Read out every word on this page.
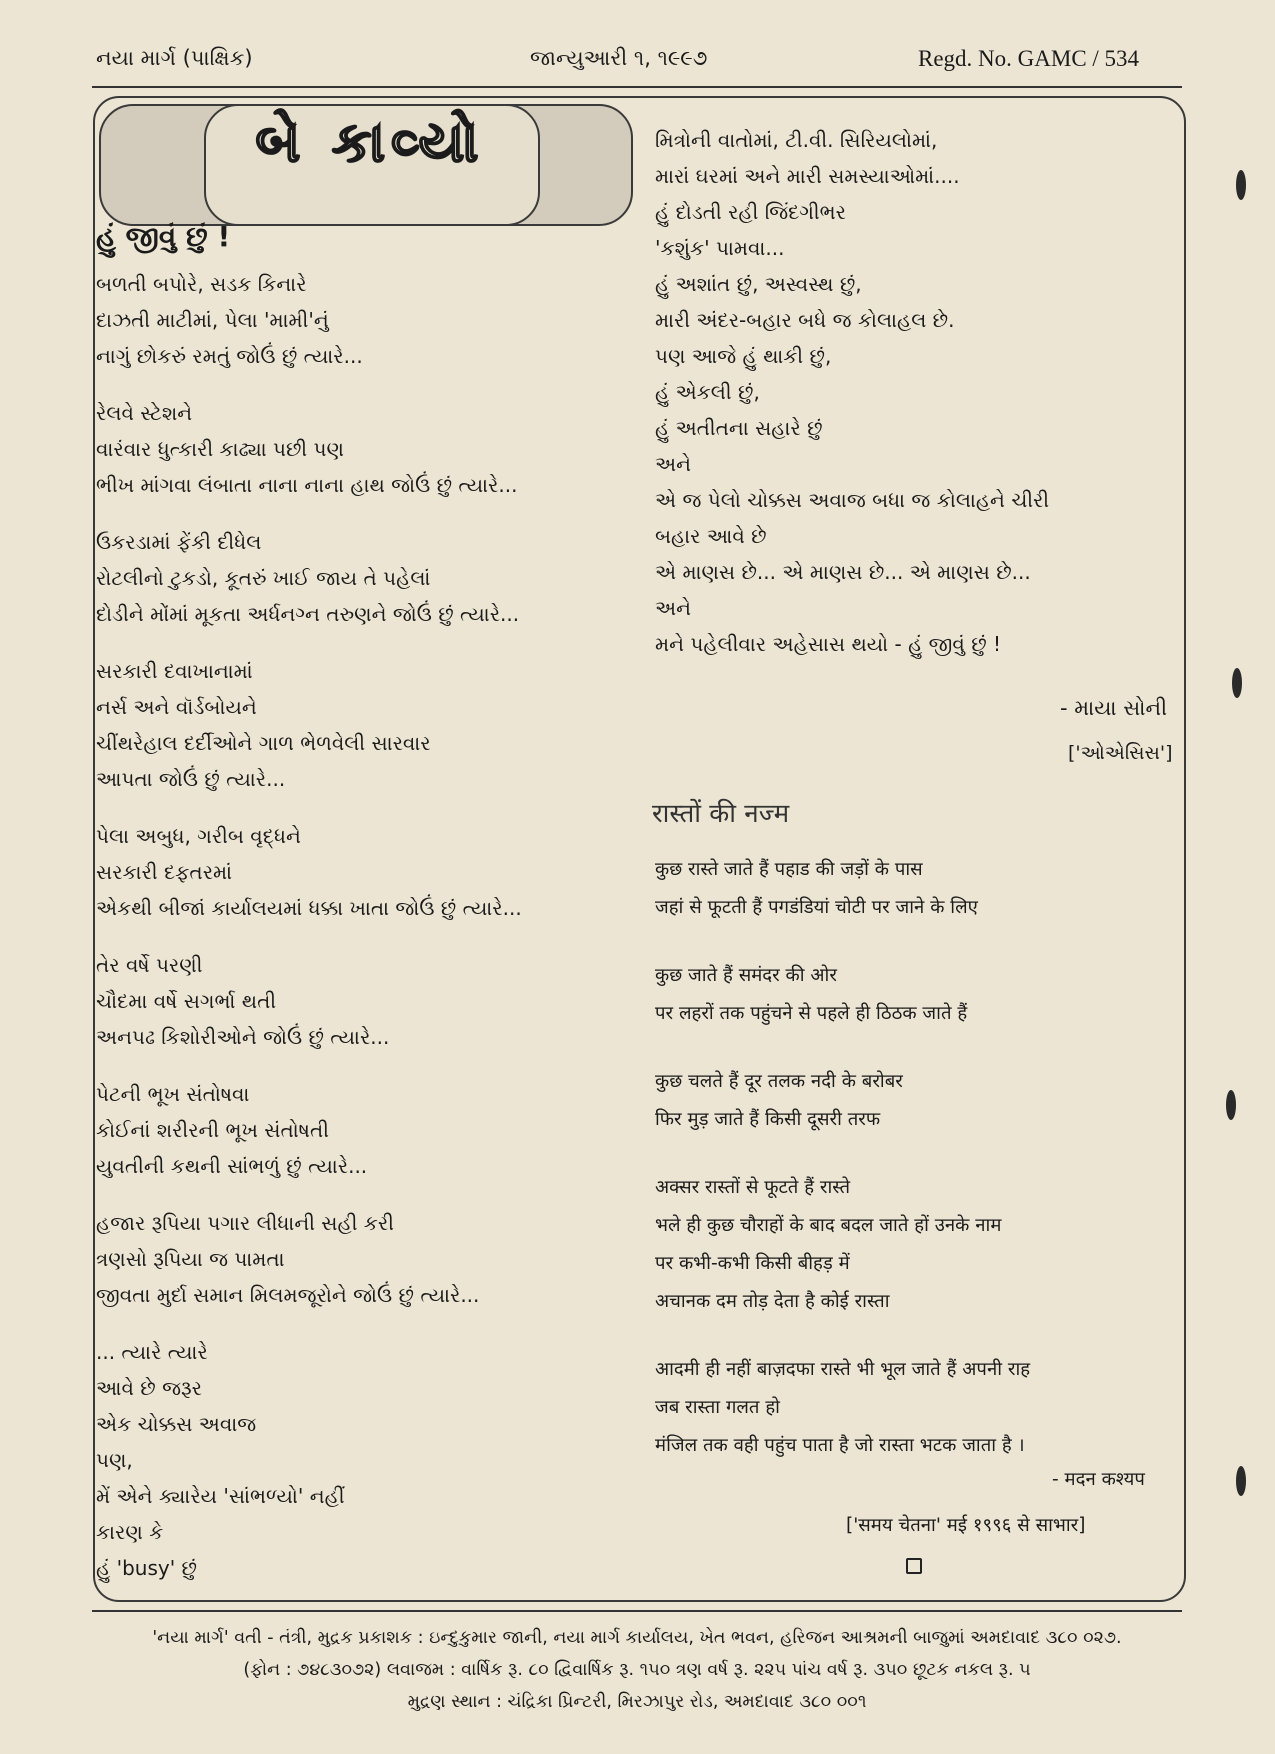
નયા માર્ગ (પાક્ષિક)	જાન્યુઆરી ૧, ૧૯૯૭	Regd. No. GAMC / 534
બે કાવ્યો
હું જીવું છું !
બળતી બપોરે, સડક કિનારે
દાઝતી માટીમાં, પેલા 'મામી'નું
નાગું છોકરું રમતું જોઉં છું ત્યારે...
રેલવે સ્ટેશને
વારંવાર ધુત્કારી કાઢ્યા પછી પણ
ભીખ માંગવા લંબાતા નાના નાના હાથ જોઉં છું ત્યારે...
ઉકરડામાં ફેંકી દીધેલ
રોટલીનો ટુકડો, કૂતરું ખાઈ જાય તે પહેલાં
દોડીને મોંમાં મૂકતા અર્ધનગ્ન તરુણને જોઉં છું ત્યારે...
સરકારી દવાખાનામાં
નર્સ અને વૉર્ડબોયને
ચીંથરેહાલ દર્દીઓને ગાળ ભેળવેલી સારવાર
આપતા જોઉં છું ત્યારે...
પેલા અબુધ, ગરીબ વૃદ્ધને
સરકારી દફતરમાં
એકથી બીજાં કાર્યાલયમાં ધક્કા ખાતા જોઉં છું ત્યારે...
તેર વર્ષે પરણી
ચૌદમા વર્ષે સગર્ભા થતી
અનપઢ કિશોરીઓને જોઉં છું ત્યારે...
પેટની ભૂખ સંતોષવા
કોઈનાં શરીરની ભૂખ સંતોષતી
યુવતીની કથની સાંભળું છું ત્યારે...
હજાર રૂપિયા પગાર લીધાની સહી કરી
ત્રણસો રૂપિયા જ પામતા
જીવતા મુર્દા સમાન મિલમજૂરોને જોઉં છું ત્યારે...
... ત્યારે ત્યારે
આવે છે જરૂર
એક ચોક્કસ અવાજ
પણ,
મેં એને ક્યારેય 'સાંભળ્યો' નહીં
કારણ કે
હું 'busy' છું
મિત્રોની વાતોમાં, ટી.વી. સિરિયલોમાં,
મારાં ઘરમાં અને મારી સમસ્યાઓમાં....
હું દોડતી રહી જિંદગીભર
'કશુંક' પામવા...
હું અશાંત છું, અસ્વસ્થ છું,
મારી અંદર-બહાર બધે જ કોલાહલ છે.
પણ આજે હું થાકી છું,
હું એકલી છું,
હું અતીતના સહારે છું
અને
એ જ પેલો ચોક્કસ અવાજ બધા જ કોલાહને ચીરી
બહાર આવે છે
એ માણસ છે... એ માણસ છે... એ માણસ છે...
અને
મને પહેલીવાર અહેસાસ થયો - હું જીવું છું !
- માયા સોની
['ઓએસિસ']
रास्तों की नज्म
कुछ रास्ते जाते हैं पहाड की जड़ों के पास
जहां से फूटती हैं पगडंडियां चोटी पर जाने के लिए
कुछ जाते हैं समंदर की ओर
पर लहरों तक पहुंचने से पहले ही ठिठक जाते हैं
कुछ चलते हैं दूर तलक नदी के बरोबर
फिर मुड़ जाते हैं किसी दूसरी तरफ
अक्सर रास्तों से फूटते हैं रास्ते
भले ही कुछ चौराहों के बाद बदल जाते हों उनके नाम
पर कभी-कभी किसी बीहड़ में
अचानक दम तोड़ देता है कोई रास्ता
आदमी ही नहीं बाज़दफा रास्ते भी भूल जाते हैं अपनी राह
जब रास्ता गलत हो
मंजिल तक वही पहुंच पाता है जो रास्ता भटक जाता है ।
- मदन कश्यप
['समय चेतना' मई १९९६ से साभार]
'નયા માર્ગ' વતી - તંત્રી, મુદ્રક પ્રકાશક : ઇન્દુકુમાર જાની, નયા માર્ગ કાર્યાલય, ખેત ભવન, હરિજન આશ્રમની બાજુમાં અમદાવાદ ૩૮૦ ૦૨૭.
(ફોન : ૭૪૮૩૦૭૨) લવાજમ : વાર્ષિક રૂ. ૮૦ દ્વિવાર્ષિક રૂ. ૧૫૦ ત્રણ વર્ષ રૂ. ૨૨૫ પાંચ વર્ષ રૂ. ૩૫૦ છૂટક નકલ રૂ. ૫
મુદ્રણ સ્થાન : ચંદ્રિકા પ્રિન્ટરી, મિરઝાપુર રોડ, અમદાવાદ ૩૮૦ ૦૦૧
